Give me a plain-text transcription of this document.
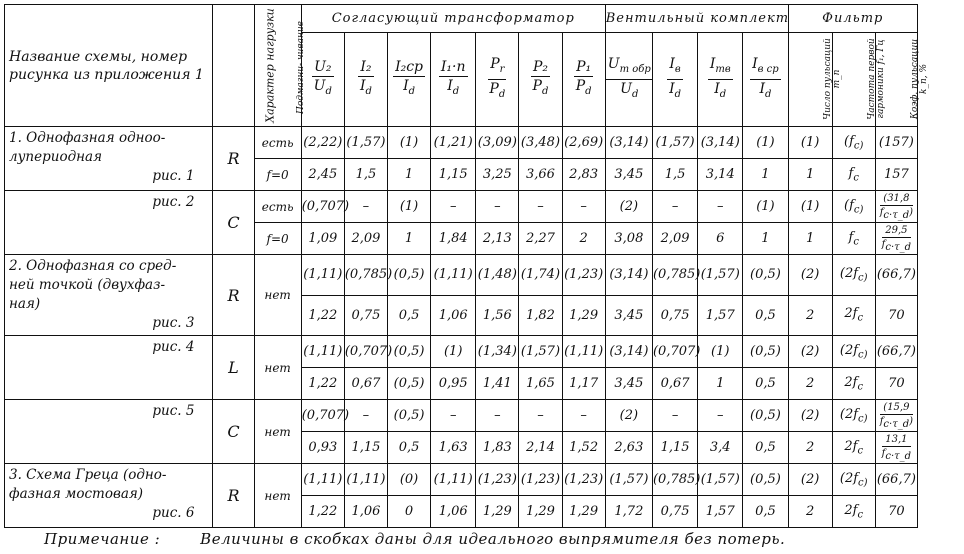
Название схемы, номер рисунка из приложения 1	Характер нагрузки	Подмагни- чивание	Согласующий трансформатор							Вентильный комплект				Фильтр		

			$\frac{\text{U₂}}{U_d}$	$\frac{\text{I₂}}{I_d}$	$\frac{\text{I₂ср}}{I_d}$	$\frac{\text{I₁·n}}{I_d}$	$\frac{P_r}{P_d}$	$\frac{\text{P₂}}{P_d}$	$\frac{\text{P₁}}{P_d}$	$\frac{U_{m обр}}{U_d}$	$\frac{I_в}{I_d}$	$\frac{I_{mв}}{I_d}$	$\frac{I_{в ср}}{I_d}$	Число пульсаций m_n	Частота первой гармоники f₁, Гц	Коэф. пульсации k_п, %

1. Однофазная одноо-
лупериодная
рис. 1	R	есть	(2,22)	(1,57)	(1)	(1,21)	(3,09)	(3,48)	(2,69)	(3,14)	(1,57)	(3,14)	(1)	(1)	($f_{c)}$	(157)
		f=0	2,45	1,5	1	1,15	3,25	3,66	2,83	3,45	1,5	3,14	1	1	$f_c$	157

рис. 2	C	есть	(0,707)	–	(1)	–	–	–	–	(2)	–	–	(1)	(1)	($f_{c)}$	$\frac{(31,8}{f_{c\cdot\tau\_d})}$

		f=0	1,09	2,09	1	1,84	2,13	2,27	2	3,08	2,09	6	1	1	$f_c$	$\frac{29,5}{f_{c\cdot\tau\_d}}$

2. Однофазная со сред-
ней точкой (двухфаз-
ная)
рис. 3	R	нет	(1,11)	(0,785)	(0,5)	(1,11)	(1,48)	(1,74)	(1,23)	(3,14)	(0,785)	(1,57)	(0,5)	(2)	($2f_{c)}$	(66,7)
			1,22	0,75	0,5	1,06	1,56	1,82	1,29	3,45	0,75	1,57	0,5	2	$2f_c$	70

рис. 4	L	нет	(1,11)	(0,707)	(0,5)	(1)	(1,34)	(1,57)	(1,11)	(3,14)	(0,707)	(1)	(0,5)	(2)	($2f_{c)}$	(66,7)
			1,22	0,67	(0,5)	0,95	1,41	1,65	1,17	3,45	0,67	1	0,5	2	$2f_c$	70

рис. 5	C	нет	(0,707)	–	(0,5)	–	–	–	–	(2)	–	–	(0,5)	(2)	($2f_{c)}$	$\frac{(15,9}{f_{c\cdot\tau\_d})}$

			0,93	1,15	0,5	1,63	1,83	2,14	1,52	2,63	1,15	3,4	0,5	2	$2f_c$	$\frac{13,1}{f_{c\cdot\tau\_d}}$

3. Схема Греца (одно-
фазная мостовая)
рис. 6	R	нет	(1,11)	(1,11)	(0)	(1,11)	(1,23)	(1,23)	(1,23)	(1,57)	(0,785)	(1,57)	(0,5)	(2)	($2f_{c)}$	(66,7)
			1,22	1,06	0	1,06	1,29	1,29	1,29	1,72	0,75	1,57	0,5	2	$2f_c$	70
Примечание :	Величины в скобках даны для идеального выпрямителя без потерь.
